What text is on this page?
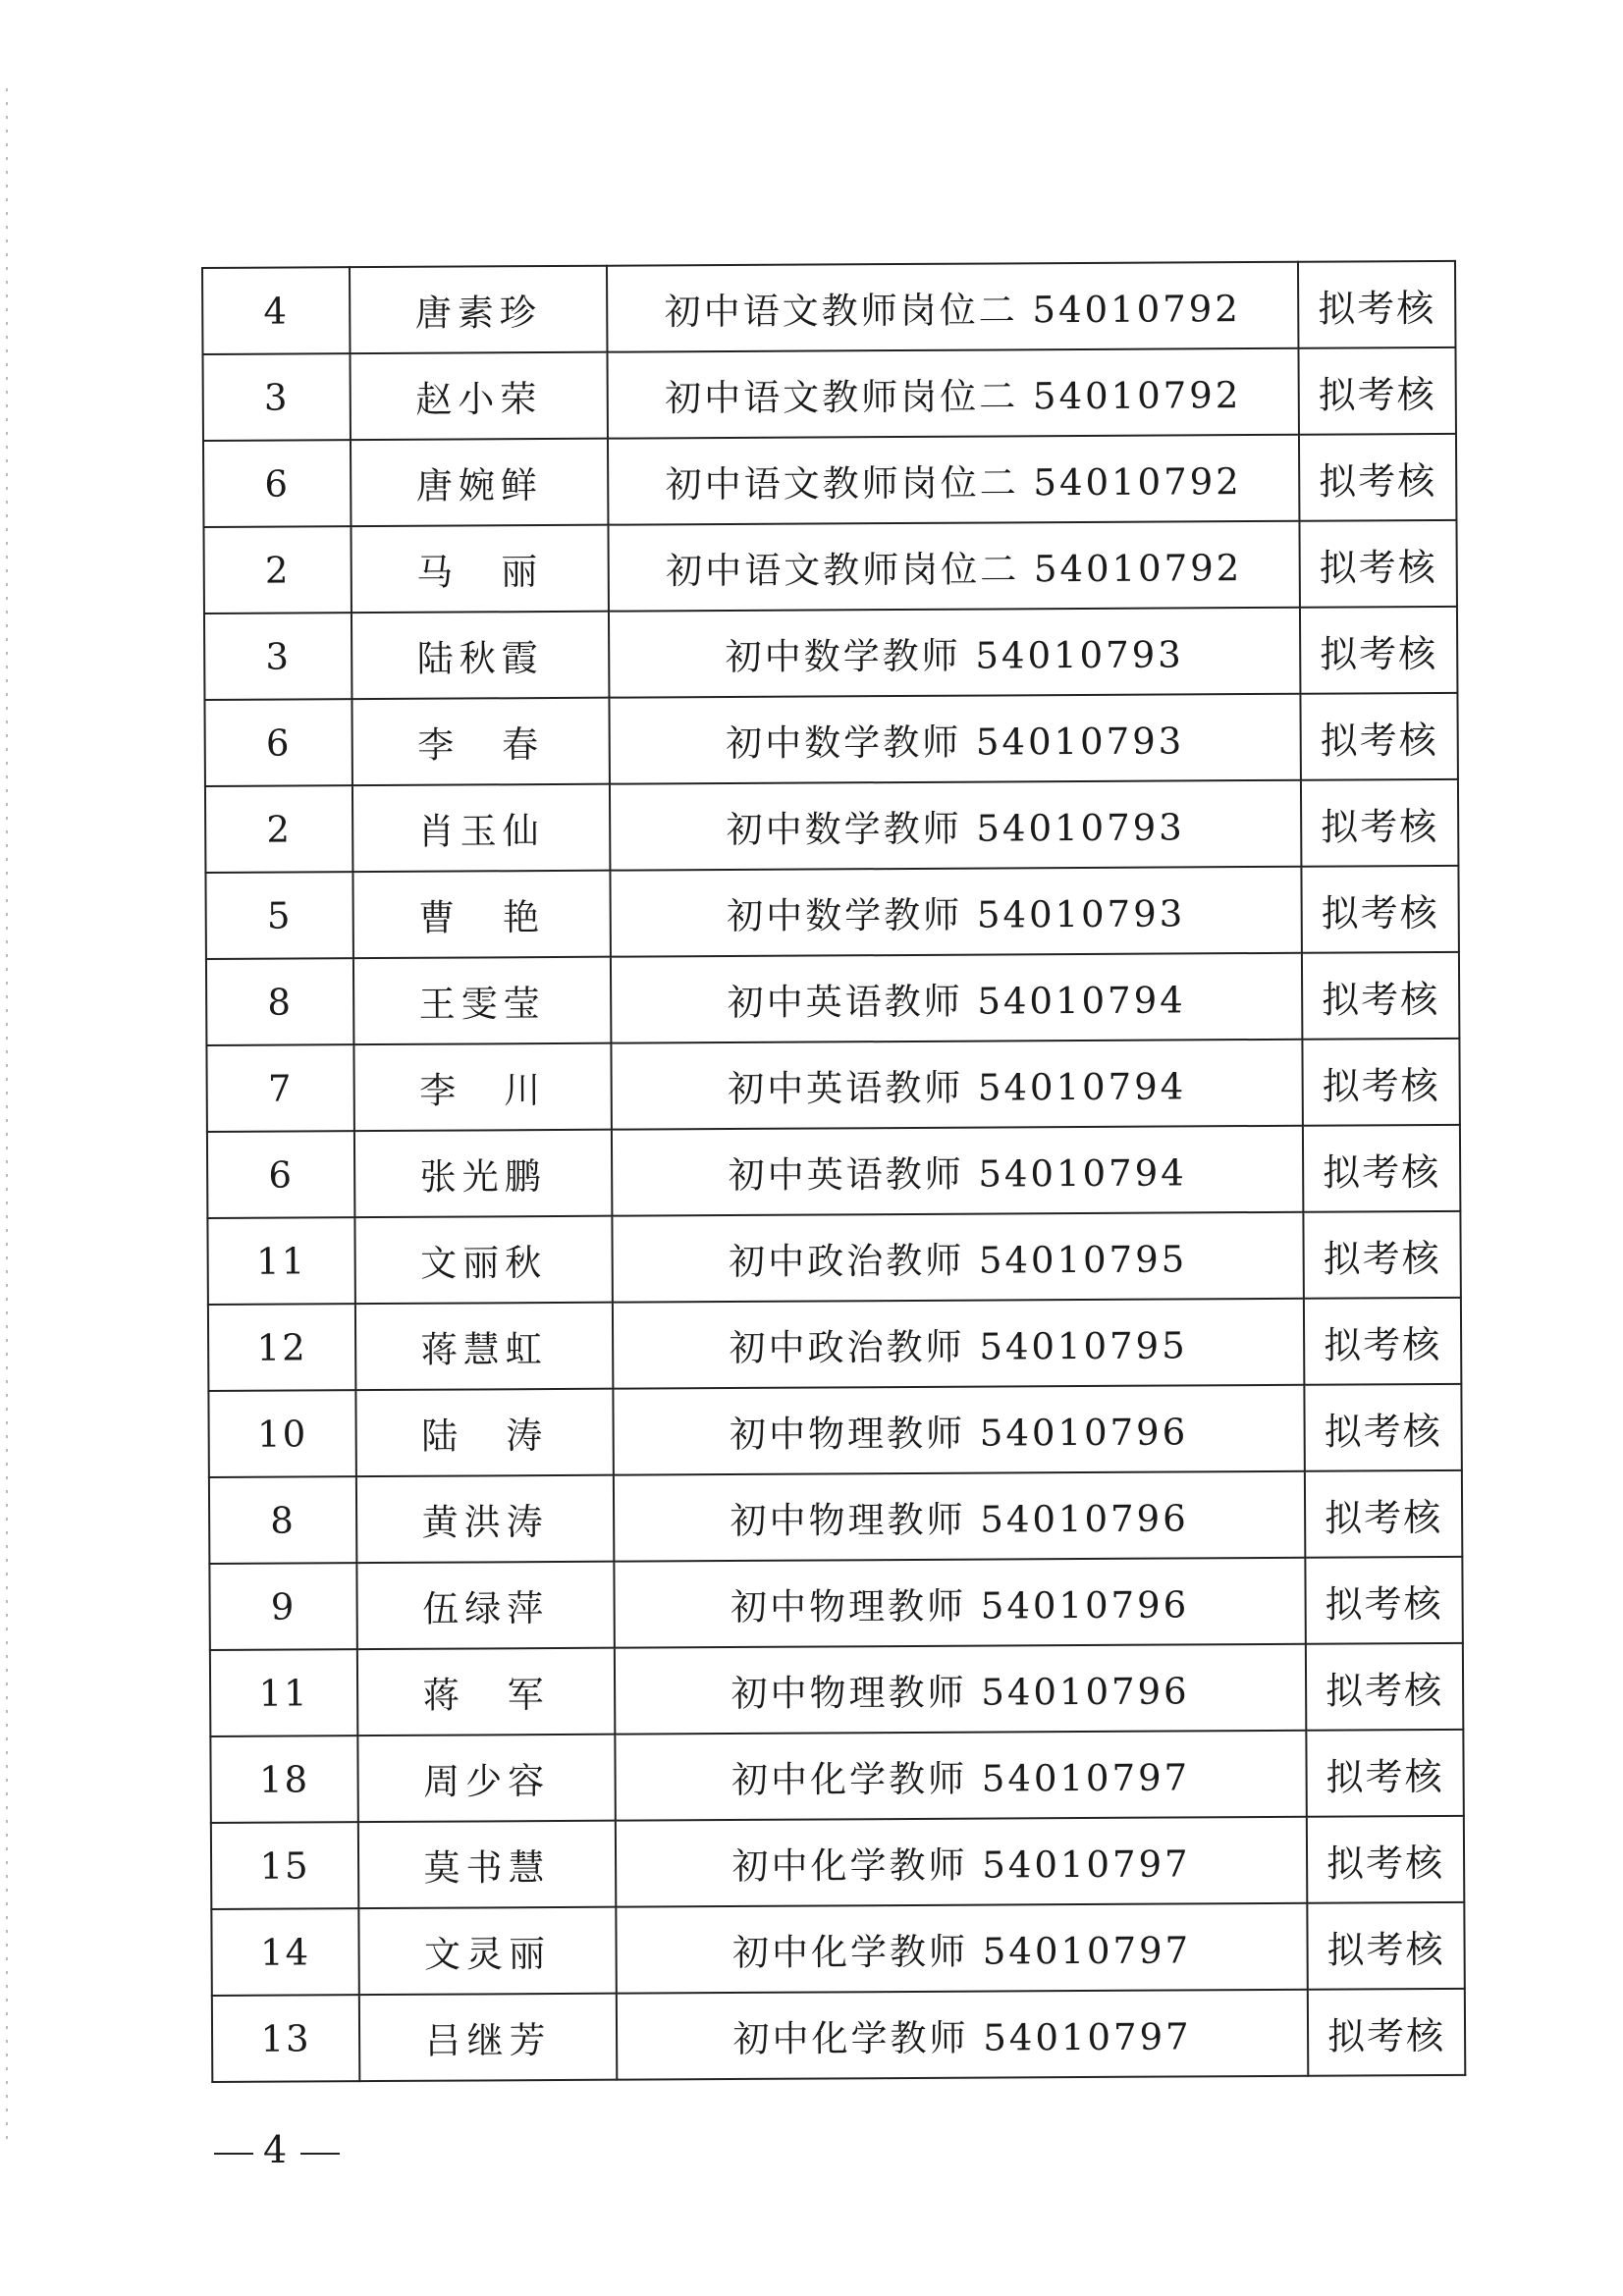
4	唐素珍	初中语文教师岗位二 54010792	拟考核
3	赵小荣	初中语文教师岗位二 54010792	拟考核
6	唐婉鲜	初中语文教师岗位二 54010792	拟考核
2	马　丽	初中语文教师岗位二 54010792	拟考核
3	陆秋霞	初中数学教师 54010793	拟考核
6	李　春	初中数学教师 54010793	拟考核
2	肖玉仙	初中数学教师 54010793	拟考核
5	曹　艳	初中数学教师 54010793	拟考核
8	王雯莹	初中英语教师 54010794	拟考核
7	李　川	初中英语教师 54010794	拟考核
6	张光鹏	初中英语教师 54010794	拟考核
11	文丽秋	初中政治教师 54010795	拟考核
12	蒋慧虹	初中政治教师 54010795	拟考核
10	陆　涛	初中物理教师 54010796	拟考核
8	黄洪涛	初中物理教师 54010796	拟考核
9	伍绿萍	初中物理教师 54010796	拟考核
11	蒋　军	初中物理教师 54010796	拟考核
18	周少容	初中化学教师 54010797	拟考核
15	莫书慧	初中化学教师 54010797	拟考核
14	文灵丽	初中化学教师 54010797	拟考核
13	吕继芳	初中化学教师 54010797	拟考核
4
